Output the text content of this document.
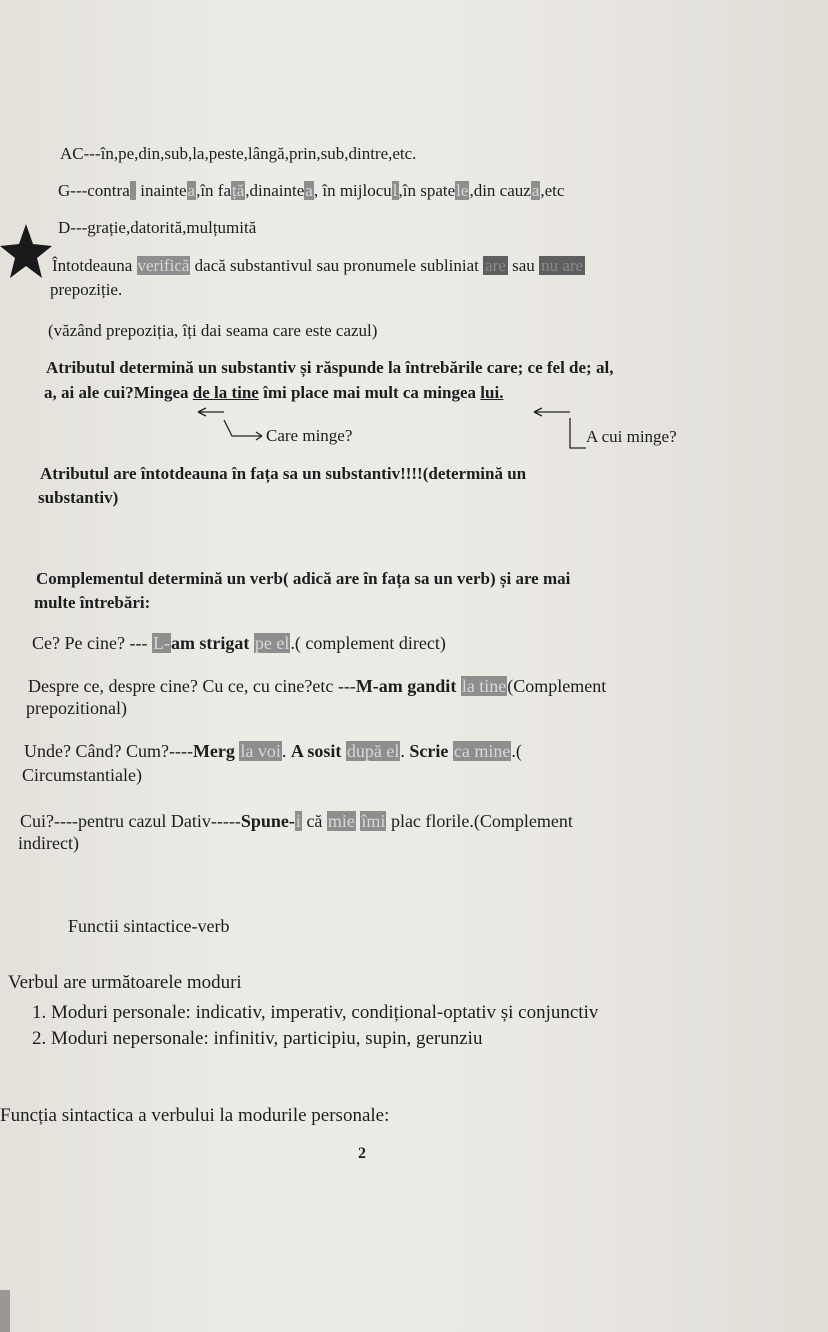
AC---în,pe,din,sub,la,peste,lângă,prin,sub,dintre,etc.
G---contra  inaintea,în față,dinaintea, în mijlocul,în spatele,din cauza,etc
D---grație,datorită,mulțumită
Întotdeauna verifică dacă substantivul sau pronumele subliniat are sau nu are
prepoziție.
(văzând prepoziția, îți dai seama care este cazul)
Atributul determină un substantiv și răspunde la întrebările care; ce fel de; al,
a, ai ale cui?Mingea de la tine îmi place mai mult ca mingea lui.
Care minge?	A cui minge?
Atributul are întotdeauna în fața sa un substantiv!!!!(determină un
substantiv)
Complementul determină un verb( adică are în fața sa un verb) și are mai
multe întrebări:
Ce? Pe cine? --- L-am strigat pe el.( complement direct)
Despre ce, despre cine? Cu ce, cu cine?etc ---M-am gandit la tine(Complement
prepozitional)
Unde? Când? Cum?----Merg la voi. A sosit după el. Scrie ca mine.(
Circumstantiale)
Cui?----pentru cazul Dativ-----Spune-i că mie îmi plac florile.(Complement
indirect)
Functii sintactice-verb
Verbul are următoarele moduri
1. Moduri personale: indicativ, imperativ, condițional-optativ și conjunctiv
2. Moduri nepersonale: infinitiv, participiu, supin, gerunziu
Funcția sintactica a verbului la modurile personale:
2
